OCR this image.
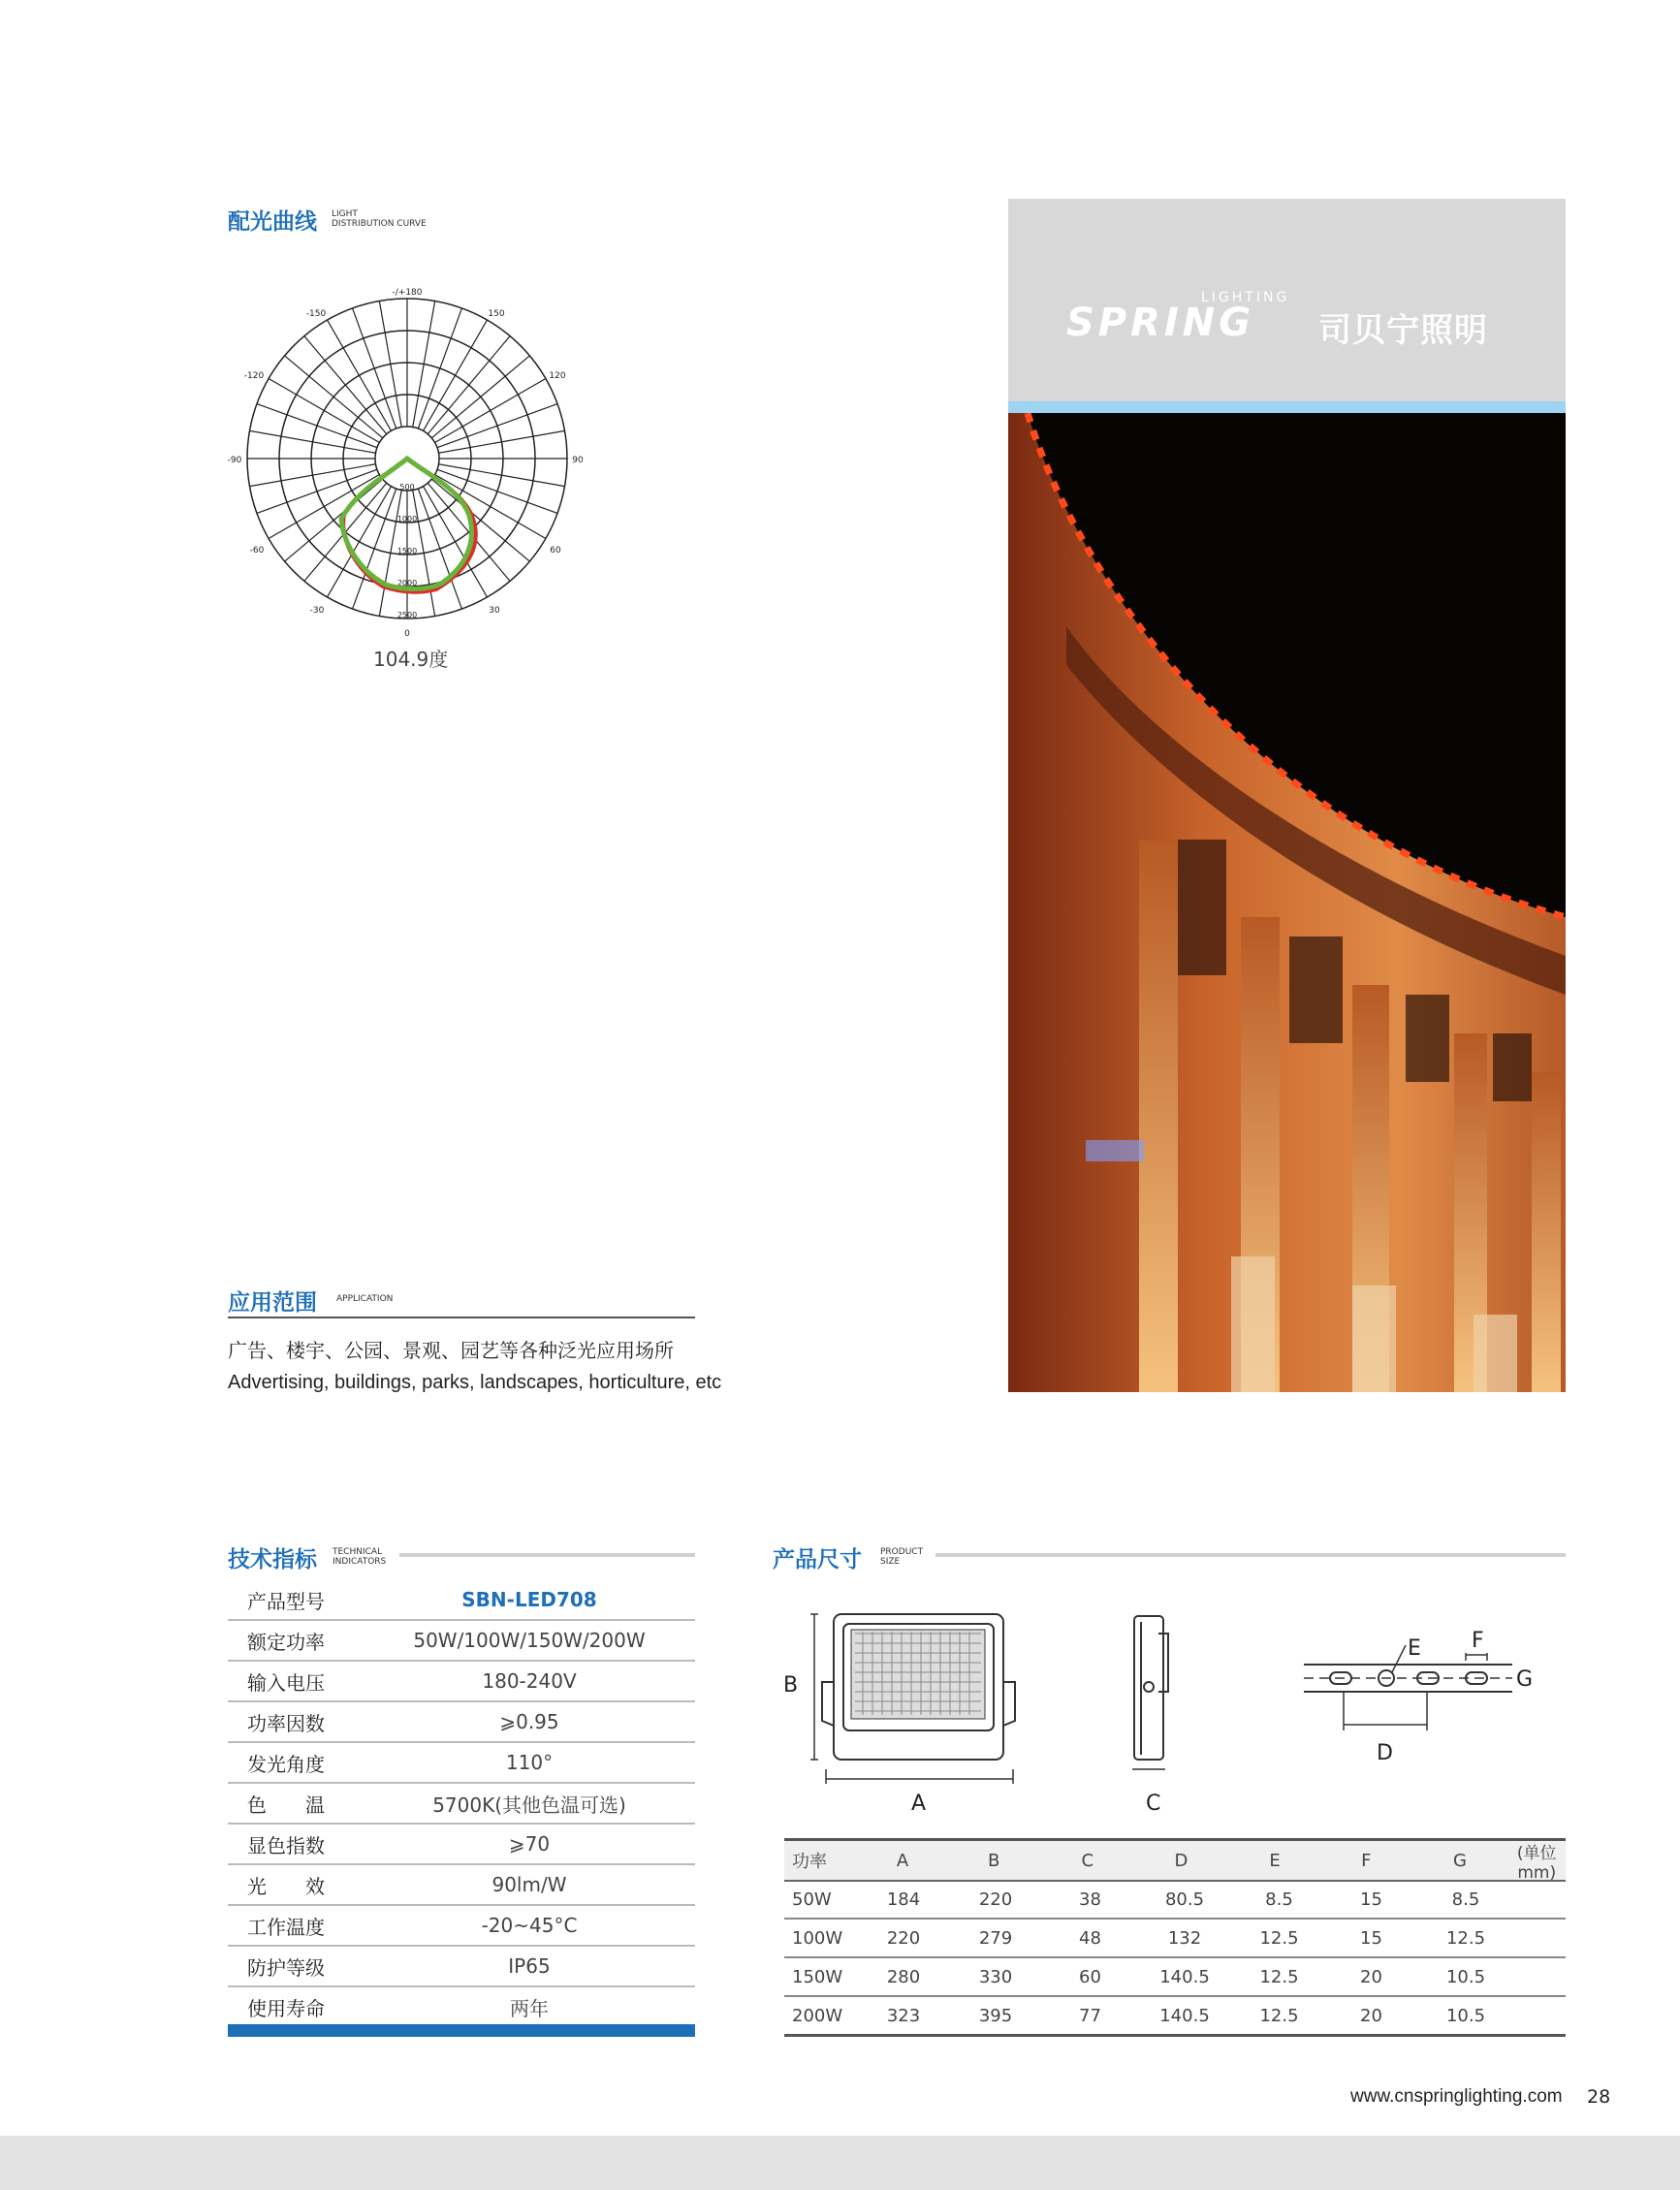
配光曲线 LIGHT
DISTRIBUTION CURVE
-/+180
-150	150
-120	120
-90	90
-60	60
-30	30
0
500
1000
1500
2000
2500
104.9度
LIGHTING
SPRING 司贝宁照明
应用范围 APPLICATION
广告、楼宇、公园、景观、园艺等各种泛光应用场所
Advertising, buildings, parks, landscapes, horticulture, etc
技术指标 TECHNICAL
INDICATORS
产品型号	SBN-LED708
额定功率	50W/100W/150W/200W
输入电压	180-240V
功率因数	⩾0.95
发光角度	110°
色　　温	5700K(其他色温可选)
显色指数	⩾70
光　　效	90lm/W
工作温度	-20~45°C
防护等级	IP65
使用寿命	两年
产品尺寸 PRODUCT
SIZE
B
A	C
E F
G
D
功率	A	B	C	D	E	F	G	(单位mm)
50W	184	220	38	80.5	8.5	15	8.5
100W	220	279	48	132	12.5	15	12.5
150W	280	330	60	140.5	12.5	20	10.5
200W	323	395	77	140.5	12.5	20	10.5
www.cnspringlighting.com 28
